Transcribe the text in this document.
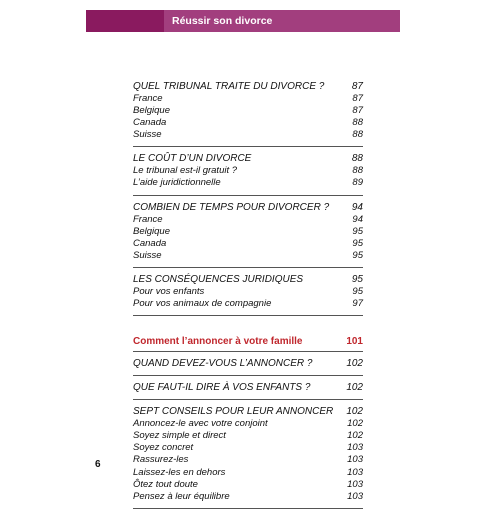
Réussir son divorce
QUEL TRIBUNAL TRAITE DU DIVORCE ?	87
France	87
Belgique	87
Canada	88
Suisse	88
LE COÛT D’UN DIVORCE	88
Le tribunal est-il gratuit ?	88
L’aide juridictionnelle	89
COMBIEN DE TEMPS POUR DIVORCER ? 94
France	94
Belgique	95
Canada	95
Suisse	95
LES CONSÉQUENCES JURIDIQUES	95
Pour vos enfants	95
Pour vos animaux de compagnie	97
Comment l’annoncer à votre famille	101
QUAND DEVEZ-VOUS L’ANNONCER ?	102
QUE FAUT-IL DIRE À VOS ENFANTS ?	102
SEPT CONSEILS POUR LEUR ANNONCER 102
Annoncez-le avec votre conjoint	102
Soyez simple et direct	102
Soyez concret	103
Rassurez-les	103
Laissez-les en dehors	103
Ôtez tout doute	103
Pensez à leur équilibre	103
6
